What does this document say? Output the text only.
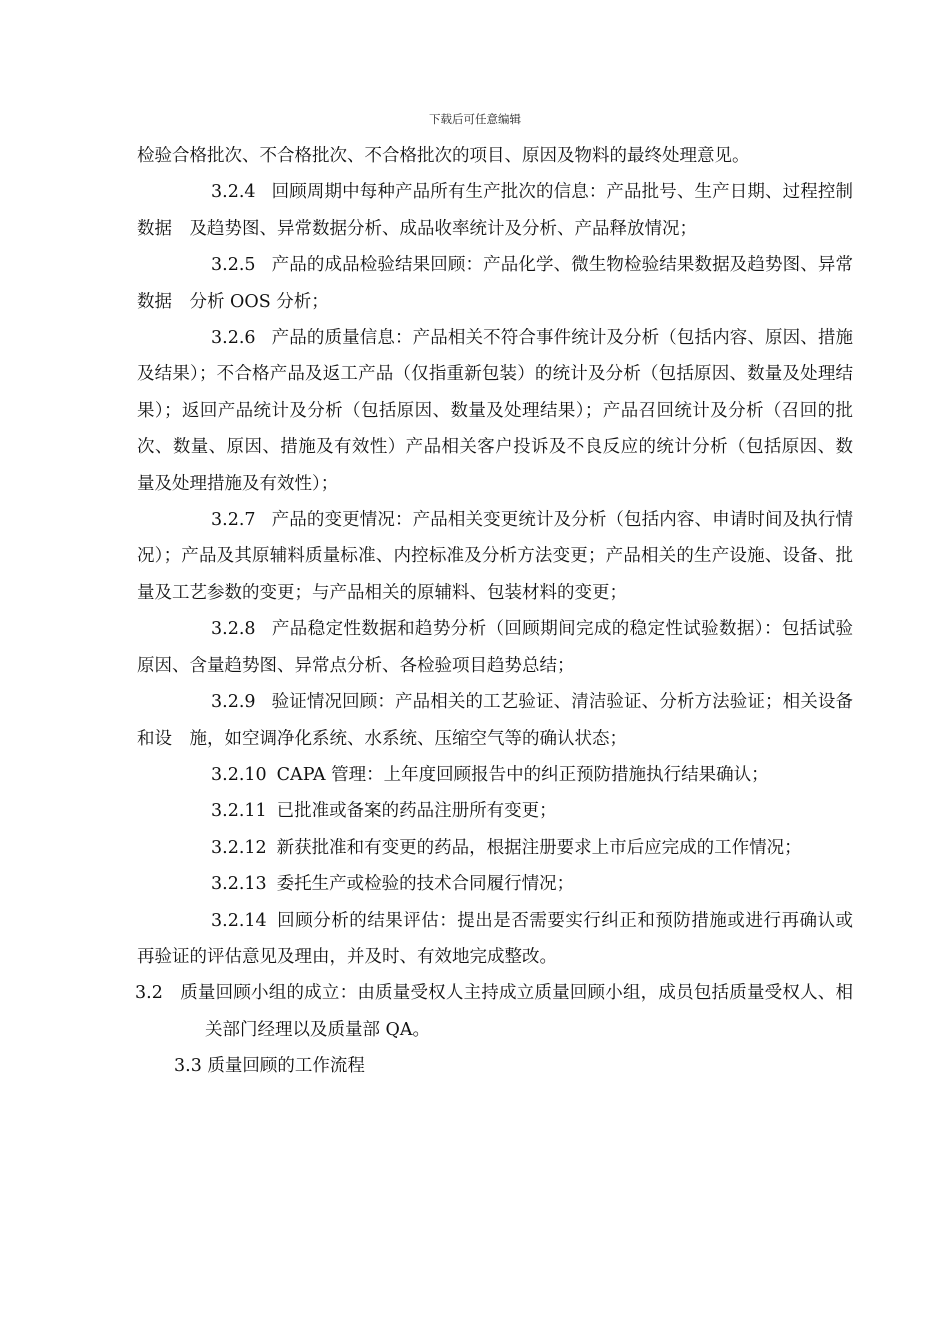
下载后可任意编辑

检验合格批次、不合格批次、不合格批次的项目、原因及物料的最终处理意见。

3.2.4 回顾周期中每种产品所有生产批次的信息：产品批号、生产日期、过程控制数据　及趋势图、异常数据分析、成品收率统计及分析、产品释放情况；

3.2.5 产品的成品检验结果回顾：产品化学、微生物检验结果数据及趋势图、异常数据　分析 OOS 分析；

3.2.6 产品的质量信息：产品相关不符合事件统计及分析（包括内容、原因、措施及结果）；不合格产品及返工产品（仅指重新包装）的统计及分析（包括原因、数量及处理结果）；返回产品统计及分析（包括原因、数量及处理结果）；产品召回统计及分析（召回的批次、数量、原因、措施及有效性）产品相关客户投诉及不良反应的统计分析（包括原因、数量及处理措施及有效性）；

3.2.7 产品的变更情况：产品相关变更统计及分析（包括内容、申请时间及执行情况）；产品及其原辅料质量标准、内控标准及分析方法变更；产品相关的生产设施、设备、批量及工艺参数的变更；与产品相关的原辅料、包装材料的变更；

3.2.8 产品稳定性数据和趋势分析（回顾期间完成的稳定性试验数据）：包括试验原因、含量趋势图、异常点分析、各检验项目趋势总结；

3.2.9 验证情况回顾：产品相关的工艺验证、清洁验证、分析方法验证；相关设备和设　施，如空调净化系统、水系统、压缩空气等的确认状态；

3.2.10 CAPA 管理：上年度回顾报告中的纠正预防措施执行结果确认；

3.2.11 已批准或备案的药品注册所有变更；

3.2.12 新获批准和有变更的药品，根据注册要求上市后应完成的工作情况；

3.2.13 委托生产或检验的技术合同履行情况；

3.2.14 回顾分析的结果评估：提出是否需要实行纠正和预防措施或进行再确认或再验证的评估意见及理由，并及时、有效地完成整改。

3.2 质量回顾小组的成立：由质量受权人主持成立质量回顾小组，成员包括质量受权人、相关部门经理以及质量部 QA。

3.3 质量回顾的工作流程
